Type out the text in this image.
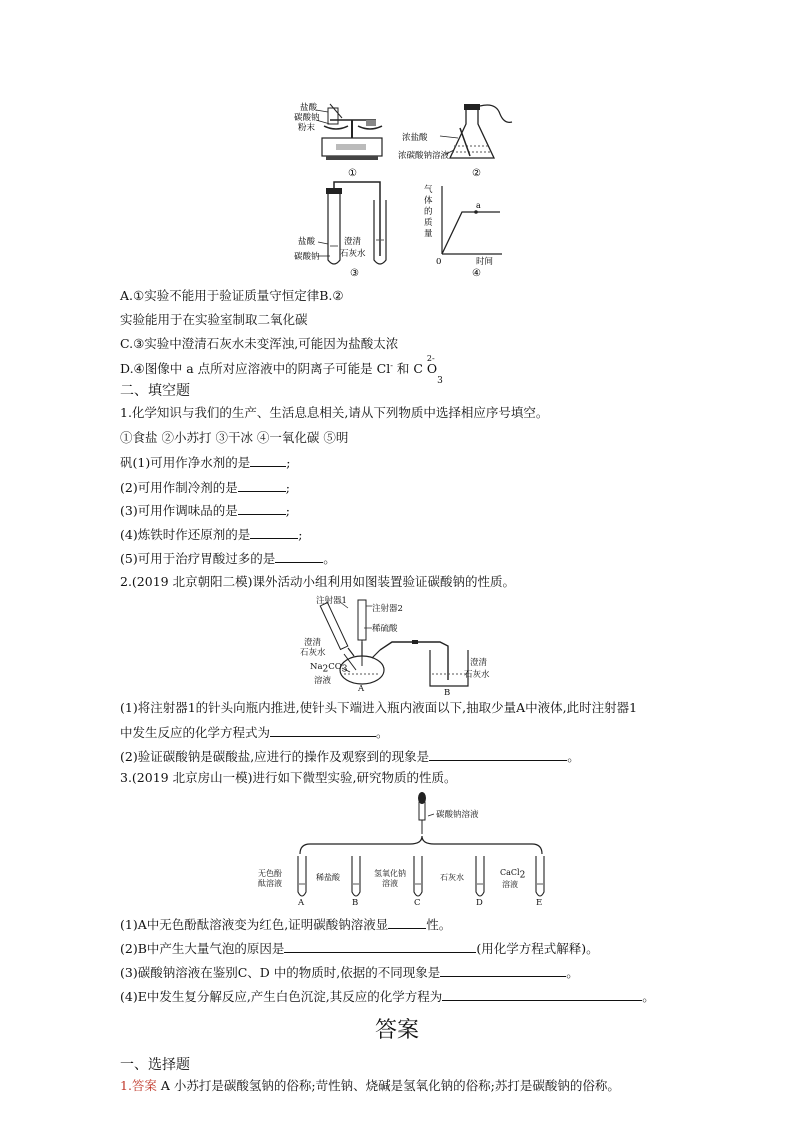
盐酸
碳酸钠
粉末
①
浓盐酸
浓碳酸钠溶液
②
盐酸
碳酸钠
澄清
石灰水
③
气
体
的
质
量
0
a
时间
④
A.①实验不能用于验证质量守恒定律B.②
实验能用于在实验室制取二氧化碳
C.③实验中澄清石灰水未变浑浊,可能因为盐酸太浓
D.④图像中 a 点所对应溶液中的阴离子可能是 Cl- 和 C O
2-
$_3$
二、填空题
1.化学知识与我们的生产、生活息息相关,请从下列物质中选择相应序号填空。
①食盐 ②小苏打 ③干冰 ④一氧化碳 ⑤明
矾(1)可用作净水剂的是	;
(2)可用作制冷剂的是	;
(3)可用作调味品的是	;
(4)炼铁时作还原剂的是	;
(5)可用于治疗胃酸过多的是	。
2.(2019 北京朝阳二模)课外活动小组利用如图装置验证碳酸钠的性质。
注射器1
注射器2
稀硫酸
澄清
石灰水
$Na_2CO_3$
溶液
A	B
澄清
石灰水
(1)将注射器1的针头向瓶内推进,使针头下端进入瓶内液面以下,抽取少量A中液体,此时注射器1
中发生反应的化学方程式为	。
(2)验证碳酸钠是碳酸盐,应进行的操作及观察到的现象是	。
3.(2019 北京房山一模)进行如下微型实验,研究物质的性质。
碳酸钠溶液
无色酚
酞溶液
A
稀盐酸
B
氢氧化钠
溶液
C
石灰水
D
CaCl$_2$
溶液
E
(1)A中无色酚酞溶液变为红色,证明碳酸钠溶液显	性。
(2)B中产生大量气泡的原因是	(用化学方程式解释)。
(3)碳酸钠溶液在鉴别C、D 中的物质时,依据的不同现象是	。
(4)E中发生复分解反应,产生白色沉淀,其反应的化学方程为	。
答案
一、选择题
1.答案 A 小苏打是碳酸氢钠的俗称;苛性钠、烧碱是氢氧化钠的俗称;苏打是碳酸钠的俗称。
